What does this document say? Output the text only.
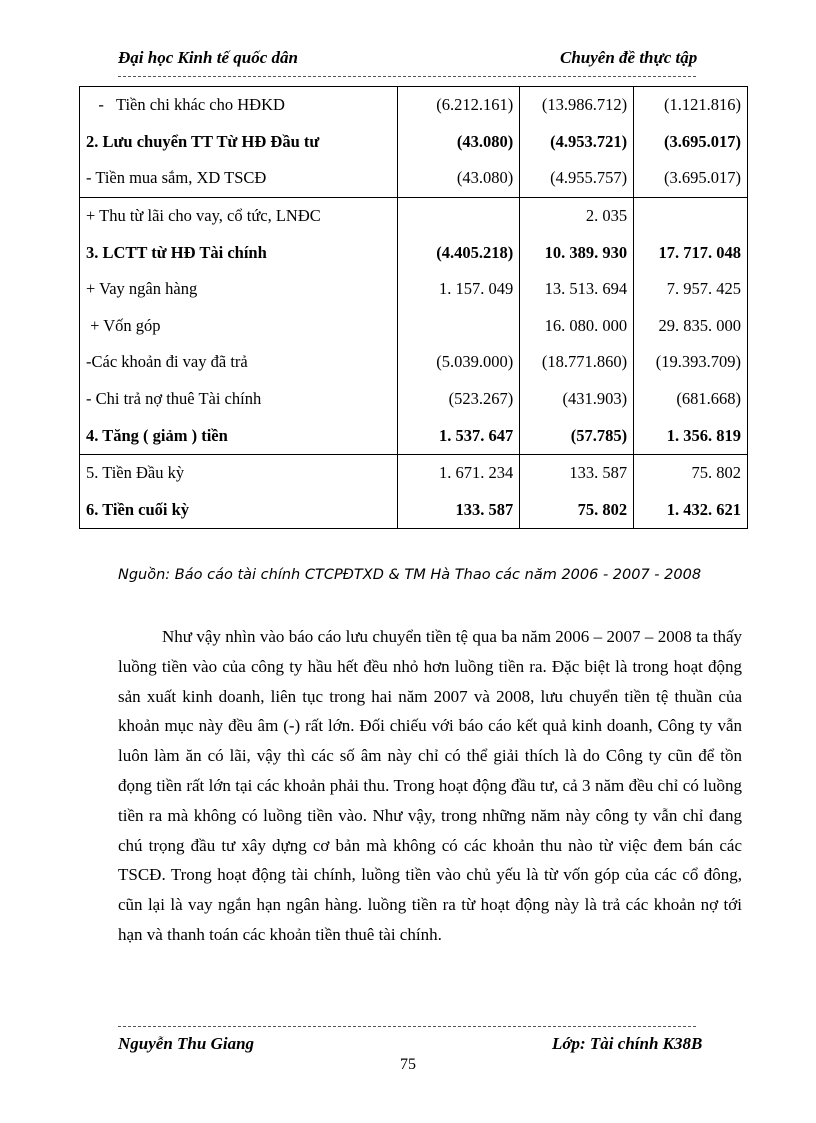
Đại học Kinh tế quốc dân	Chuyên đề thực tập
-   Tiền chi khác cho HĐKD	(6.212.161)	(13.986.712)	(1.121.816)
2. Lưu chuyển TT Từ HĐ Đầu tư	(43.080)	(4.953.721)	(3.695.017)
- Tiền mua sắm, XD TSCĐ	(43.080)	(4.955.757)	(3.695.017)
+ Thu từ lãi cho vay, cổ tức, LNĐC		2. 035	
3. LCTT từ HĐ Tài chính	(4.405.218)	10. 389. 930	17. 717. 048
+ Vay ngân hàng	1. 157. 049	13. 513. 694	7. 957. 425
+ Vốn góp		16. 080. 000	29. 835. 000
-Các khoản đi vay đã trả	(5.039.000)	(18.771.860)	(19.393.709)
- Chi trả nợ thuê Tài chính	(523.267)	(431.903)	(681.668)
4. Tăng ( giảm ) tiền	1. 537. 647	(57.785)	1. 356. 819
5. Tiền Đầu kỳ	1. 671. 234	133. 587	75. 802
6. Tiền cuối kỳ	133. 587	75. 802	1. 432. 621
Nguồn: Báo cáo tài chính CTCPĐTXD & TM Hà Thao các năm 2006 - 2007 - 2008
Như vậy nhìn vào báo cáo lưu chuyển tiền tệ qua ba năm 2006 – 2007 – 2008 ta thấy luồng tiền vào của công ty hầu hết đều nhỏ hơn luồng tiền ra. Đặc biệt là trong hoạt động sản xuất kinh doanh, liên tục trong hai năm 2007 và 2008, lưu chuyển tiền tệ thuần của khoản mục này đều âm (-) rất lớn. Đối chiếu với báo cáo kết quả kinh doanh, Công ty vẫn luôn làm ăn có lãi, vậy thì các số âm này chỉ có thể giải thích là do Công ty cũn để tồn đọng tiền rất lớn tại các khoản phải thu. Trong hoạt động đầu tư, cả 3 năm đều chỉ có luồng tiền ra mà không có luồng tiền vào. Như vậy, trong những năm này công ty vẫn chỉ đang chú trọng đầu tư xây dựng cơ bản mà không có các khoản thu nào từ việc đem bán các TSCĐ. Trong hoạt động tài chính, luồng tiền vào chủ yếu là từ vốn góp của các cổ đông, cũn lại là vay ngắn hạn ngân hàng. luồng tiền ra từ hoạt động này là trả các khoản nợ tới hạn và thanh toán các khoản tiền thuê tài chính.
Nguyễn Thu Giang	Lớp: Tài chính K38B
75
